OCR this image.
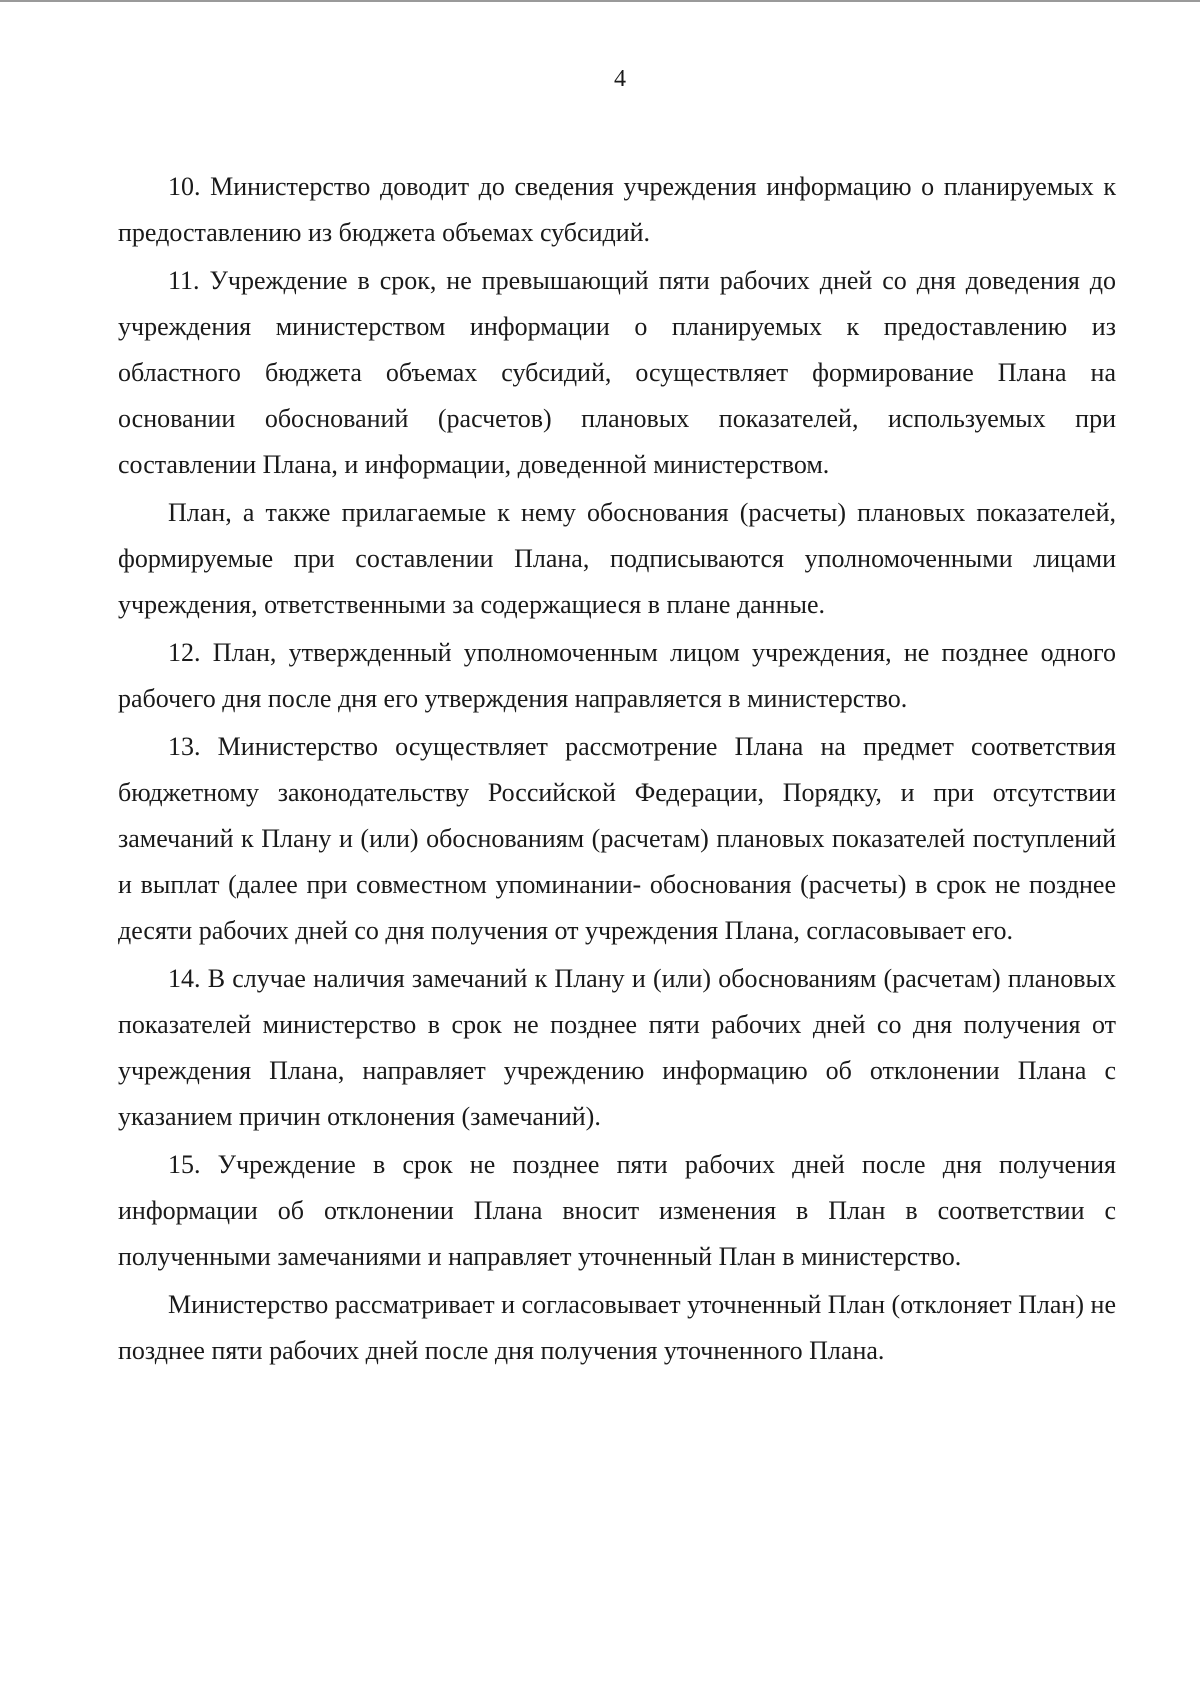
4

10. Министерство доводит до сведения учреждения информацию о планируемых к предоставлению из бюджета объемах субсидий.

11. Учреждение в срок, не превышающий пяти рабочих дней со дня доведения до учреждения министерством информации о планируемых к предоставлению из областного бюджета объемах субсидий, осуществляет формирование Плана на основании обоснований (расчетов) плановых показателей, используемых при составлении Плана, и информации, доведенной министерством.

План, а также прилагаемые к нему обоснования (расчеты) плановых показателей, формируемые при составлении Плана, подписываются уполномоченными лицами учреждения, ответственными за содержащиеся в плане данные.

12. План, утвержденный уполномоченным лицом учреждения, не позднее одного рабочего дня после дня его утверждения направляется в министерство.

13. Министерство осуществляет рассмотрение Плана на предмет соответствия бюджетному законодательству Российской Федерации, Порядку, и при отсутствии замечаний к Плану и (или) обоснованиям (расчетам) плановых показателей поступлений и выплат (далее при совместном упоминании- обоснования (расчеты) в срок не позднее десяти рабочих дней со дня получения от учреждения Плана, согласовывает его.

14. В случае наличия замечаний к Плану и (или) обоснованиям (расчетам) плановых показателей министерство в срок не позднее пяти рабочих дней со дня получения от учреждения Плана, направляет учреждению информацию об отклонении Плана с указанием причин отклонения (замечаний).

15. Учреждение в срок не позднее пяти рабочих дней после дня получения информации об отклонении Плана вносит изменения в План в соответствии с полученными замечаниями и направляет уточненный План в министерство.

Министерство рассматривает и согласовывает уточненный План (отклоняет План) не позднее пяти рабочих дней после дня получения уточненного Плана.
